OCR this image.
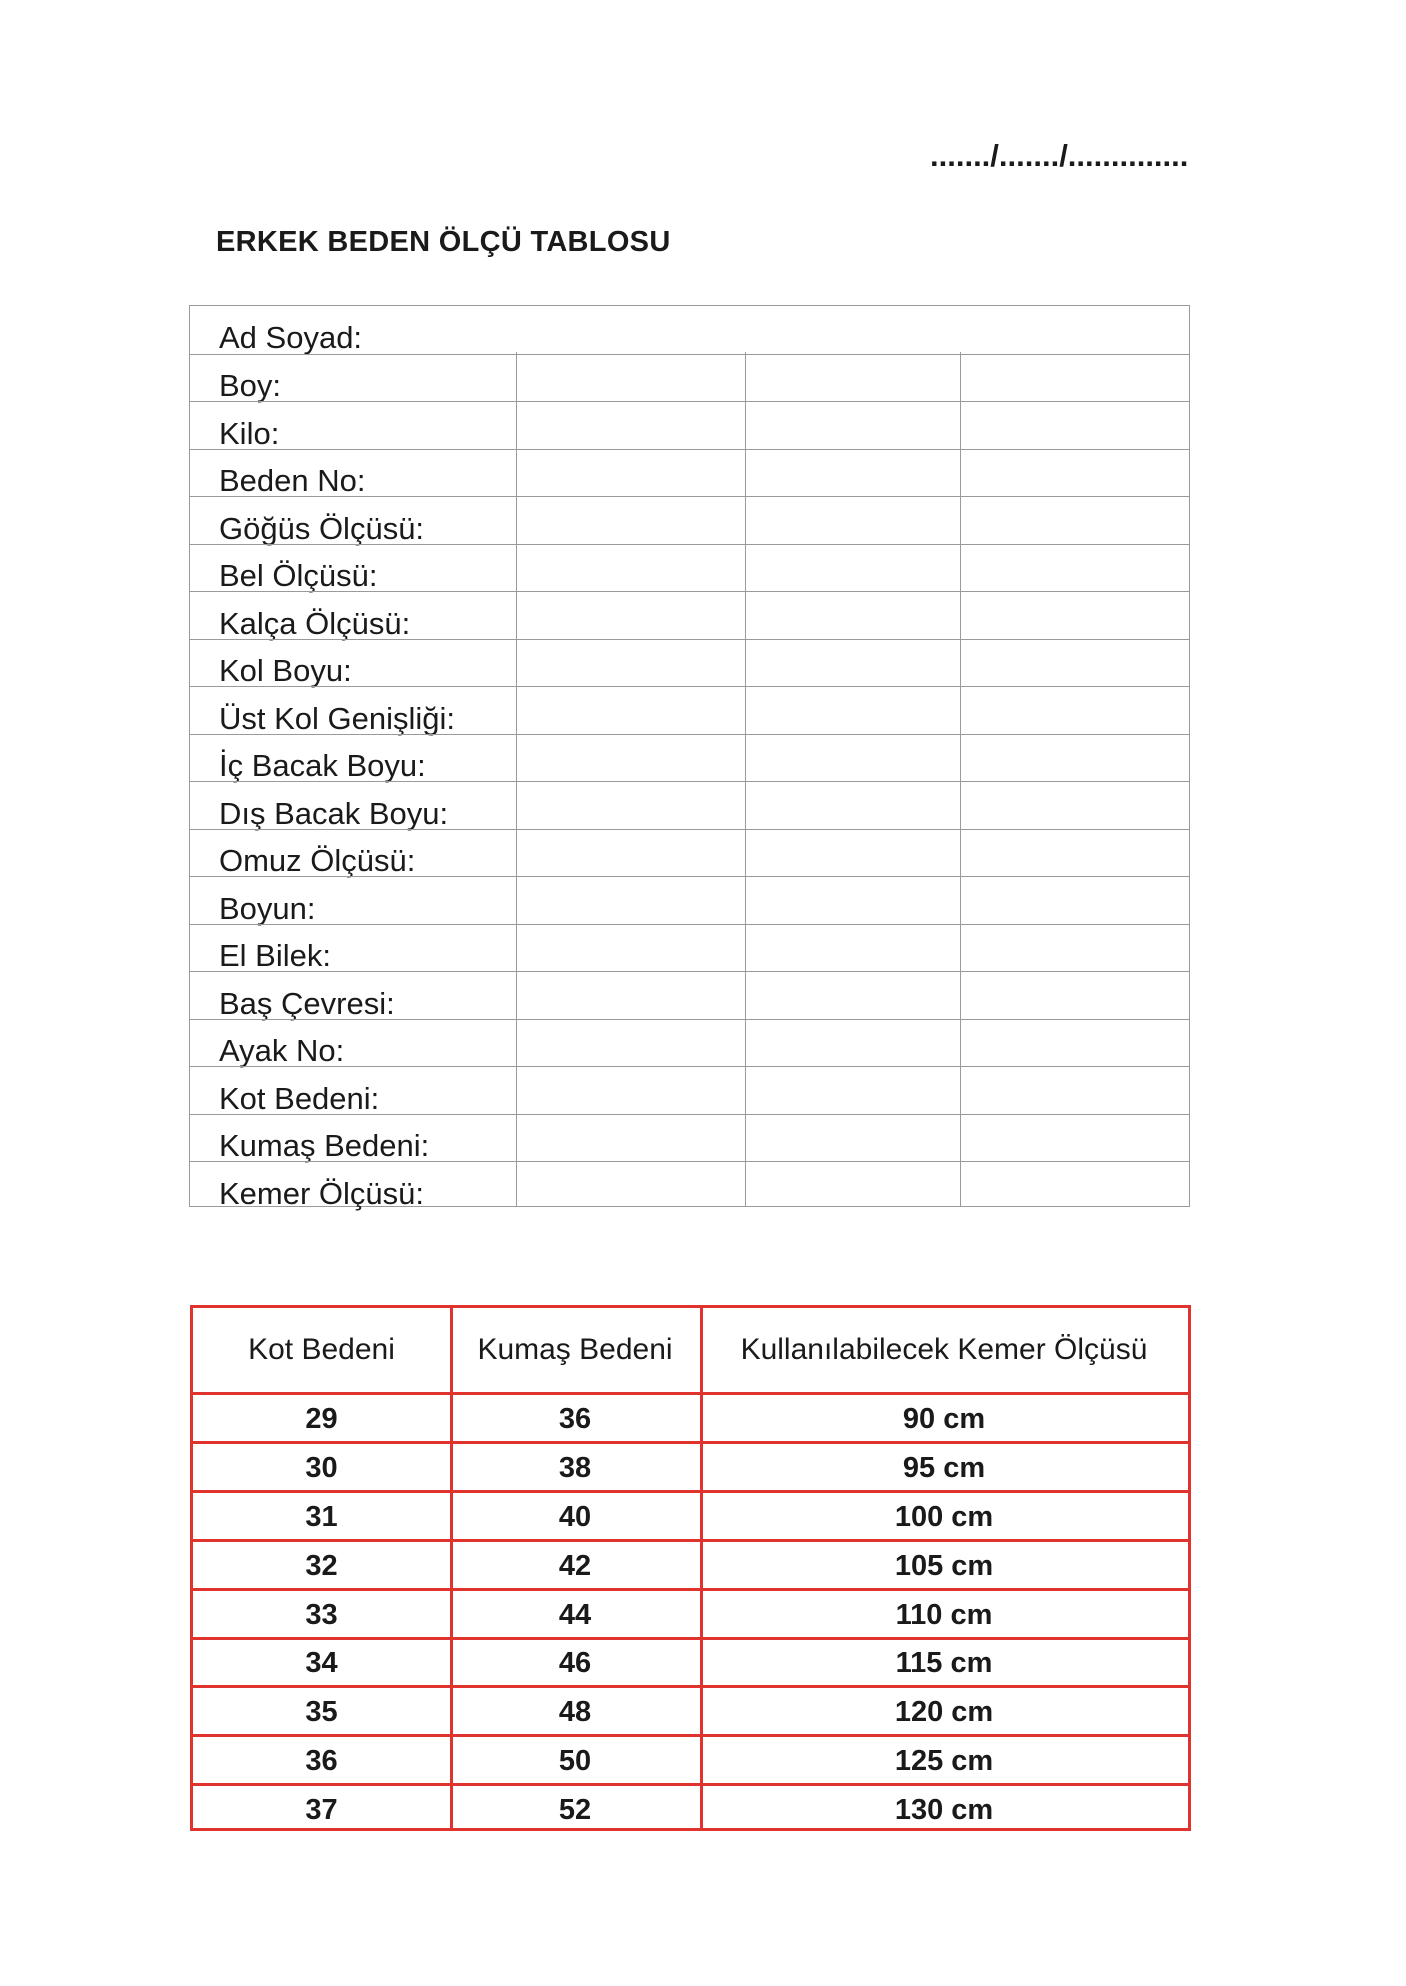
......./......./..............
ERKEK BEDEN ÖLÇÜ TABLOSU
Ad Soyad:
Boy:
Kilo:
Beden No:
Göğüs Ölçüsü:
Bel Ölçüsü:
Kalça Ölçüsü:
Kol Boyu:
Üst Kol Genişliği:
İç Bacak Boyu:
Dış Bacak Boyu:
Omuz Ölçüsü:
Boyun:
El Bilek:
Baş Çevresi:
Ayak No:
Kot Bedeni:
Kumaş Bedeni:
Kemer Ölçüsü:
Kot Bedeni	Kumaş Bedeni	Kullanılabilecek Kemer Ölçüsü
29	36	90 cm
30	38	95 cm
31	40	100 cm
32	42	105 cm
33	44	110 cm
34	46	115 cm
35	48	120 cm
36	50	125 cm
37	52	130 cm
